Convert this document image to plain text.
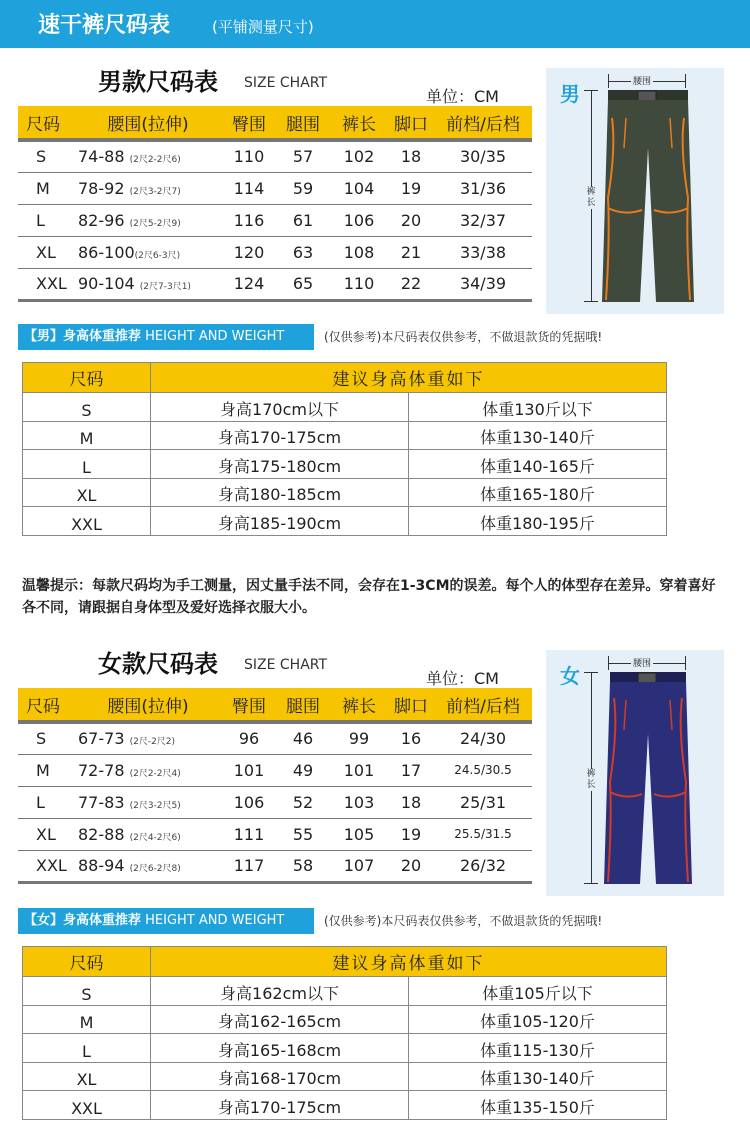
速干裤尺码表	(平铺测量尺寸)
男款尺码表 SIZE CHART
单位：CM
尺码	腰围(拉伸)	臀围	腿围	裤长	脚口	前档/后档
S	74-88 (2尺2-2尺6)	110	57	102	18	30/35
M	78-92 (2尺3-2尺7)	114	59	104	19	31/36
L	82-96 (2尺5-2尺9)	116	61	106	20	32/37
XL	86-100(2尺6-3尺)	120	63	108	21	33/38
XXL	90-104 (2尺7-3尺1)	124	65	110	22	34/39
男	腰围
裤长
【男】身高体重推荐 HEIGHT AND WEIGHT	(仅供参考)本尺码表仅供参考，不做退款货的凭据哦!
尺码	建议身高体重如下	
S	身高170cm以下	体重130斤以下
M	身高170-175cm	体重130-140斤
L	身高175-180cm	体重140-165斤
XL	身高180-185cm	体重165-180斤
XXL	身高185-190cm	体重180-195斤
温馨提示：每款尺码均为手工测量，因丈量手法不同，会存在1-3CM的误差。每个人的体型存在差异。穿着喜好各不同，请跟据自身体型及爱好选择衣服大小。
女款尺码表 SIZE CHART
单位：CM
尺码	腰围(拉伸)	臀围	腿围	裤长	脚口	前档/后档
S	67-73 (2尺-2尺2)	96	46	99	16	24/30
M	72-78 (2尺2-2尺4)	101	49	101	17	24.5/30.5
L	77-83 (2尺3-2尺5)	106	52	103	18	25/31
XL	82-88 (2尺4-2尺6)	111	55	105	19	25.5/31.5
XXL	88-94 (2尺6-2尺8)	117	58	107	20	26/32
女	腰围
裤长
【女】身高体重推荐 HEIGHT AND WEIGHT	(仅供参考)本尺码表仅供参考，不做退款货的凭据哦!
尺码	建议身高体重如下	
S	身高162cm以下	体重105斤以下
M	身高162-165cm	体重105-120斤
L	身高165-168cm	体重115-130斤
XL	身高168-170cm	体重130-140斤
XXL	身高170-175cm	体重135-150斤
